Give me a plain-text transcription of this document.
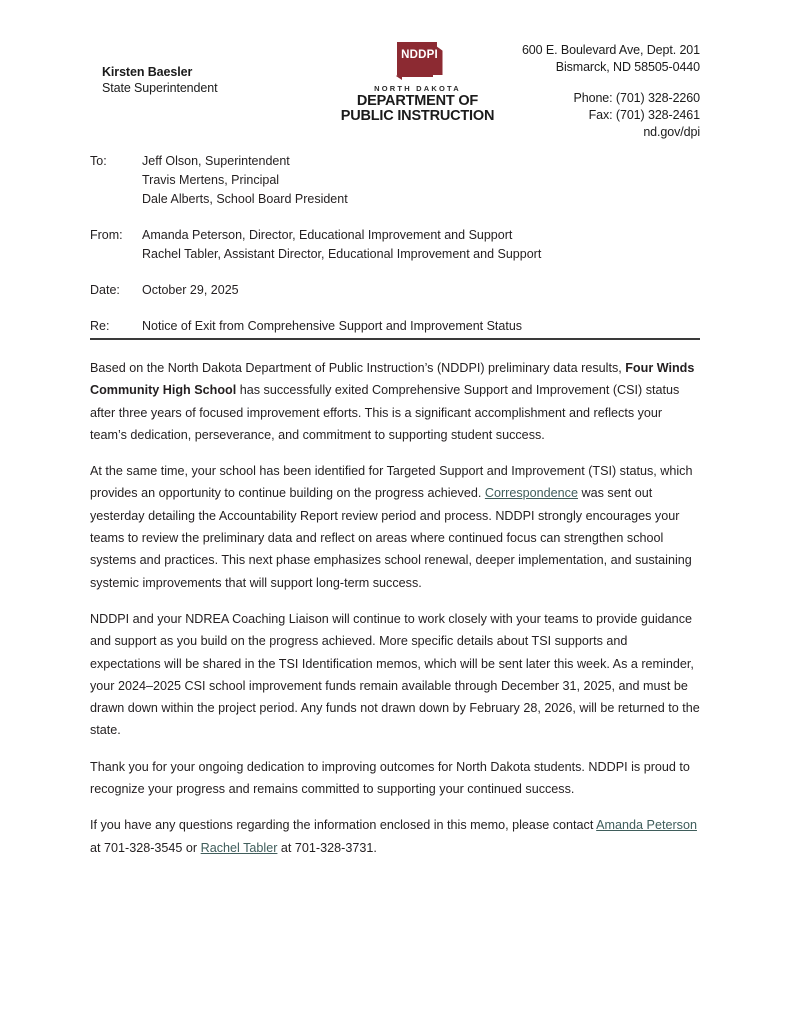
Kirsten Baesler
State Superintendent
NDDPI
NORTH DAKOTA
DEPARTMENT OF
PUBLIC INSTRUCTION
600 E. Boulevard Ave, Dept. 201
Bismarck, ND 58505-0440
Phone: (701) 328-2260
Fax: (701) 328-2461
nd.gov/dpi
To:	Jeff Olson, Superintendent
Travis Mertens, Principal
Dale Alberts, School Board President
From:	Amanda Peterson, Director, Educational Improvement and Support
Rachel Tabler, Assistant Director, Educational Improvement and Support
Date:	October 29, 2025
Re:	Notice of Exit from Comprehensive Support and Improvement Status

Based on the North Dakota Department of Public Instruction’s (NDDPI) preliminary data results, Four Winds Community High School has successfully exited Comprehensive Support and Improvement (CSI) status after three years of focused improvement efforts. This is a significant accomplishment and reflects your team’s dedication, perseverance, and commitment to supporting student success.

At the same time, your school has been identified for Targeted Support and Improvement (TSI) status, which provides an opportunity to continue building on the progress achieved. Correspondence was sent out yesterday detailing the Accountability Report review period and process. NDDPI strongly encourages your teams to review the preliminary data and reflect on areas where continued focus can strengthen school systems and practices. This next phase emphasizes school renewal, deeper implementation, and sustaining systemic improvements that will support long-term success.

NDDPI and your NDREA Coaching Liaison will continue to work closely with your teams to provide guidance and support as you build on the progress achieved. More specific details about TSI supports and expectations will be shared in the TSI Identification memos, which will be sent later this week. As a reminder, your 2024–2025 CSI school improvement funds remain available through December 31, 2025, and must be drawn down within the project period. Any funds not drawn down by February 28, 2026, will be returned to the state.

Thank you for your ongoing dedication to improving outcomes for North Dakota students. NDDPI is proud to recognize your progress and remains committed to supporting your continued success.

If you have any questions regarding the information enclosed in this memo, please contact Amanda Peterson at 701-328-3545 or Rachel Tabler at 701-328-3731.
